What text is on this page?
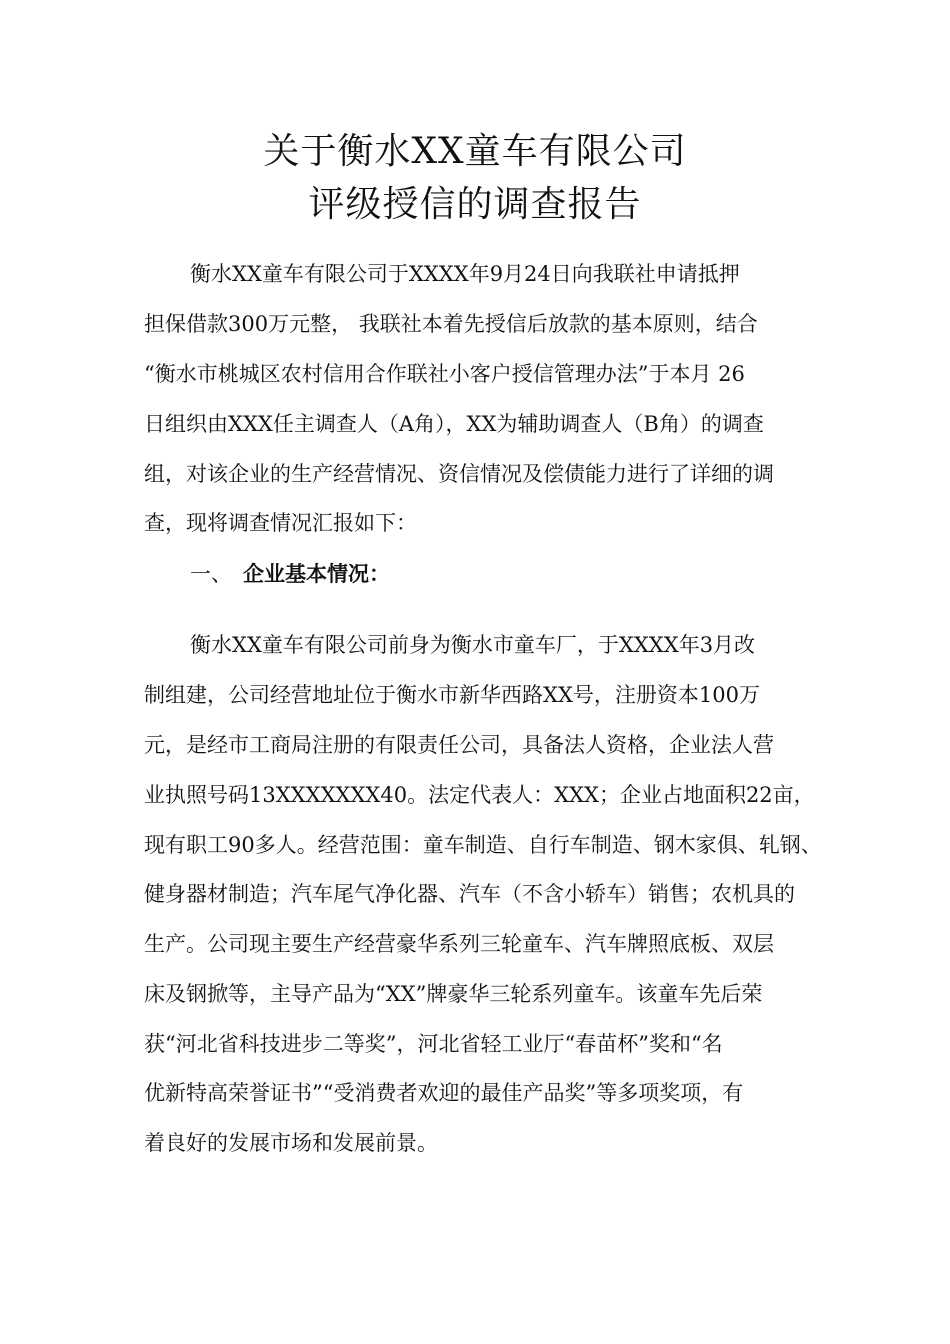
关于衡水XX童车有限公司
评级授信的调查报告

衡水XX童车有限公司于XXXX年9月24日向我联社申请抵押

担保借款300万元整， 我联社本着先授信后放款的基本原则，结合

“衡水市桃城区农村信用合作联社小客户授信管理办法”于本月 26

日组织由XXX任主调查人（A角），XX为辅助调查人（B角）的调查

组，对该企业的生产经营情况、资信情况及偿债能力进行了详细的调

查，现将调查情况汇报如下：

一、 企业基本情况：

衡水XX童车有限公司前身为衡水市童车厂，于XXXX年3月改

制组建，公司经营地址位于衡水市新华西路XX号，注册资本100万

元，是经市工商局注册的有限责任公司，具备法人资格，企业法人营

业执照号码13XXXXXXX40。法定代表人：XXX；企业占地面积22亩，

现有职工90多人。经营范围：童车制造、自行车制造、钢木家俱、轧钢、

健身器材制造；汽车尾气净化器、汽车（不含小轿车）销售；农机具的

生产。公司现主要生产经营豪华系列三轮童车、汽车牌照底板、双层

床及钢掀等，主导产品为“XX”牌豪华三轮系列童车。该童车先后荣

获“河北省科技进步二等奖”，河北省轻工业厅“春苗杯”奖和“名

优新特高荣誉证书”“受消费者欢迎的最佳产品奖”等多项奖项，有

着良好的发展市场和发展前景。
